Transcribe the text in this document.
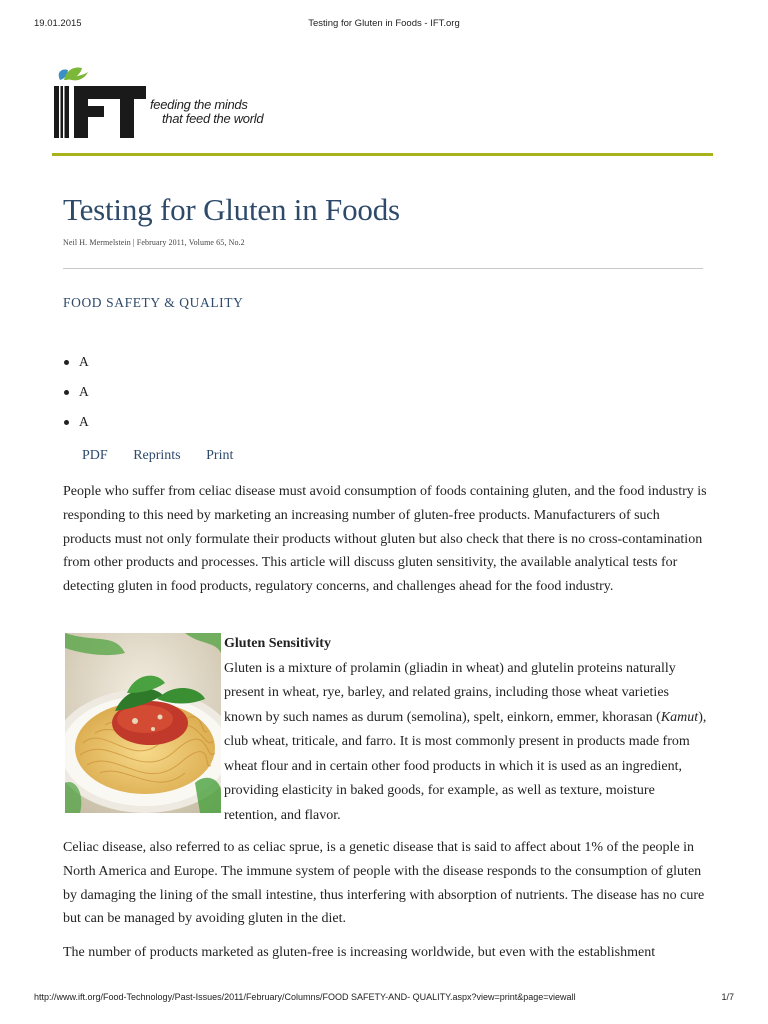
19.01.2015	Testing for Gluten in Foods - IFT.org
feeding the minds
that feed the world
Testing for Gluten in Foods
Neil H. Mermelstein | February 2011, Volume 65, No.2
FOOD SAFETY & QUALITY
A
A
A
PDF Reprints Print

People who suffer from celiac disease must avoid consumption of foods containing gluten, and the food industry is responding to this need by marketing an increasing number of gluten-free products. Manufacturers of such products must not only formulate their products without gluten but also check that there is no cross-contamination from other products and processes. This article will discuss gluten sensitivity, the available analytical tests for detecting gluten in food products, regulatory concerns, and challenges ahead for the food industry.

Gluten Sensitivity
Gluten is a mixture of prolamin (gliadin in wheat) and glutelin proteins naturally present in wheat, rye, barley, and related grains, including those wheat varieties known by such names as durum (semolina), spelt, einkorn, emmer, khorasan (Kamut), club wheat, triticale, and farro. It is most commonly present in products made from wheat flour and in certain other food products in which it is used as an ingredient, providing elasticity in baked goods, for example, as well as texture, moisture retention, and flavor.

Celiac disease, also referred to as celiac sprue, is a genetic disease that is said to affect about 1% of the people in North America and Europe. The immune system of people with the disease responds to the consumption of gluten by damaging the lining of the small intestine, thus interfering with absorption of nutrients. The disease has no cure but can be managed by avoiding gluten in the diet.

The number of products marketed as gluten-free is increasing worldwide, but even with the establishment

http://www.ift.org/Food-Technology/Past-Issues/2011/February/Columns/FOOD SAFETY-AND- QUALITY.aspx?view=print&page=viewall	1/7
